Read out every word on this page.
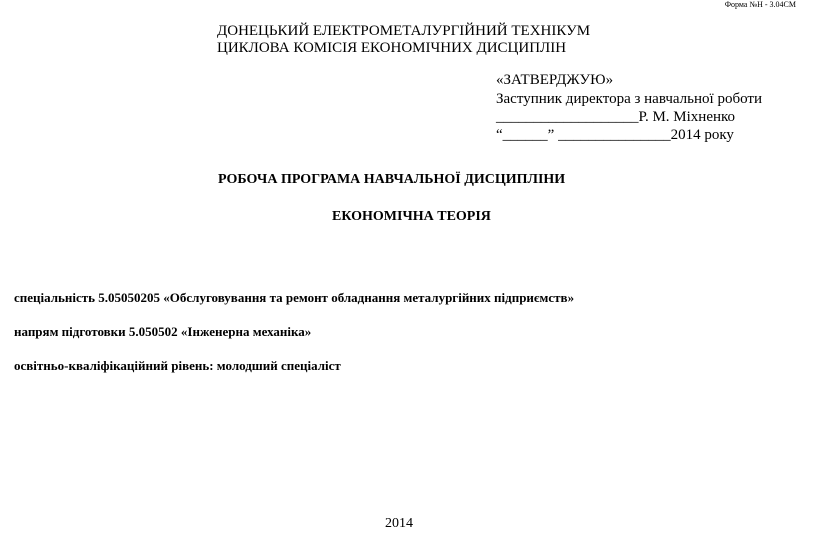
Форма №Н - 3.04СМ
ДОНЕЦЬКИЙ ЕЛЕКТРОМЕТАЛУРГІЙНИЙ ТЕХНІКУМ
ЦИКЛОВА КОМІСІЯ ЕКОНОМІЧНИХ ДИСЦИПЛІН
«ЗАТВЕРДЖУЮ»
Заступник директора з навчальної роботи
___________________Р. М. Міхненко
“______” _______________2014 року
РОБОЧА ПРОГРАМА НАВЧАЛЬНОЇ ДИСЦИПЛІНИ
ЕКОНОМІЧНА ТЕОРІЯ
спеціальність 5.05050205 «Обслуговування та ремонт обладнання металургійних підприємств»
напрям підготовки 5.050502 «Інженерна механіка»
освітньо-кваліфікаційний рівень: молодший спеціаліст
2014
